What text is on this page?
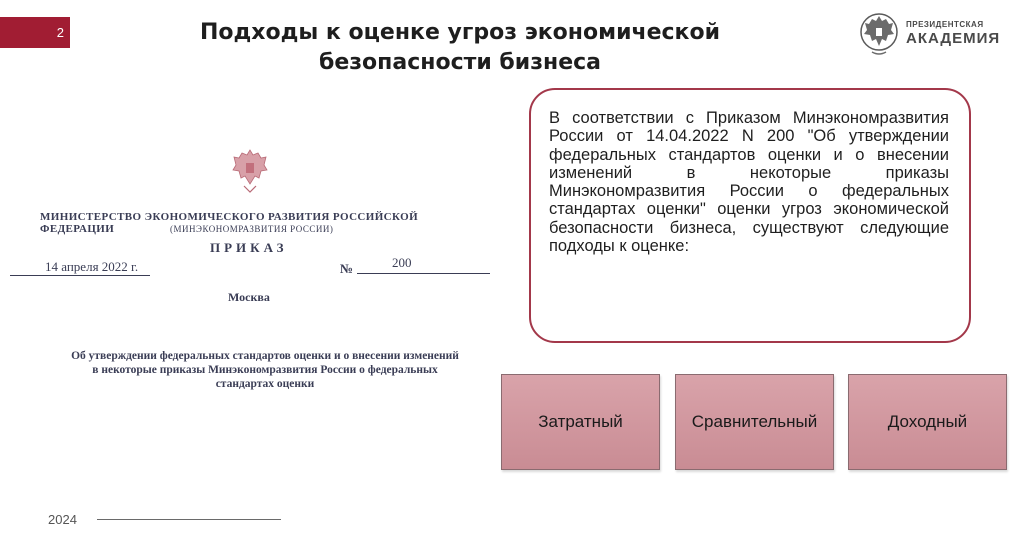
2	Подходы к оценке угроз экономической
безопасности бизнеса
ПРЕЗИДЕНТСКАЯ
АКАДЕМИЯ
МИНИСТЕРСТВО ЭКОНОМИЧЕСКОГО РАЗВИТИЯ РОССИЙСКОЙ ФЕДЕРАЦИИ	(МИНЭКОНОМРАЗВИТИЯ РОССИИ)
ПРИКАЗ
14 апреля 2022 г.	№	200
Москва
Об утверждении федеральных стандартов оценки и о внесении изменений
в некоторые приказы Минэкономразвития России о федеральных
стандартах оценки

В соответствии с Приказом Минэкономразвития России от 14.04.2022 N 200 "Об утверждении федеральных стандартов оценки и о внесении изменений в некоторые приказы Минэкономразвития России о федеральных стандартах оценки" оценки угроз экономической безопасности бизнеса, существуют следующие подходы к оценке:

Затратный	Сравнительный	Доходный
2024
